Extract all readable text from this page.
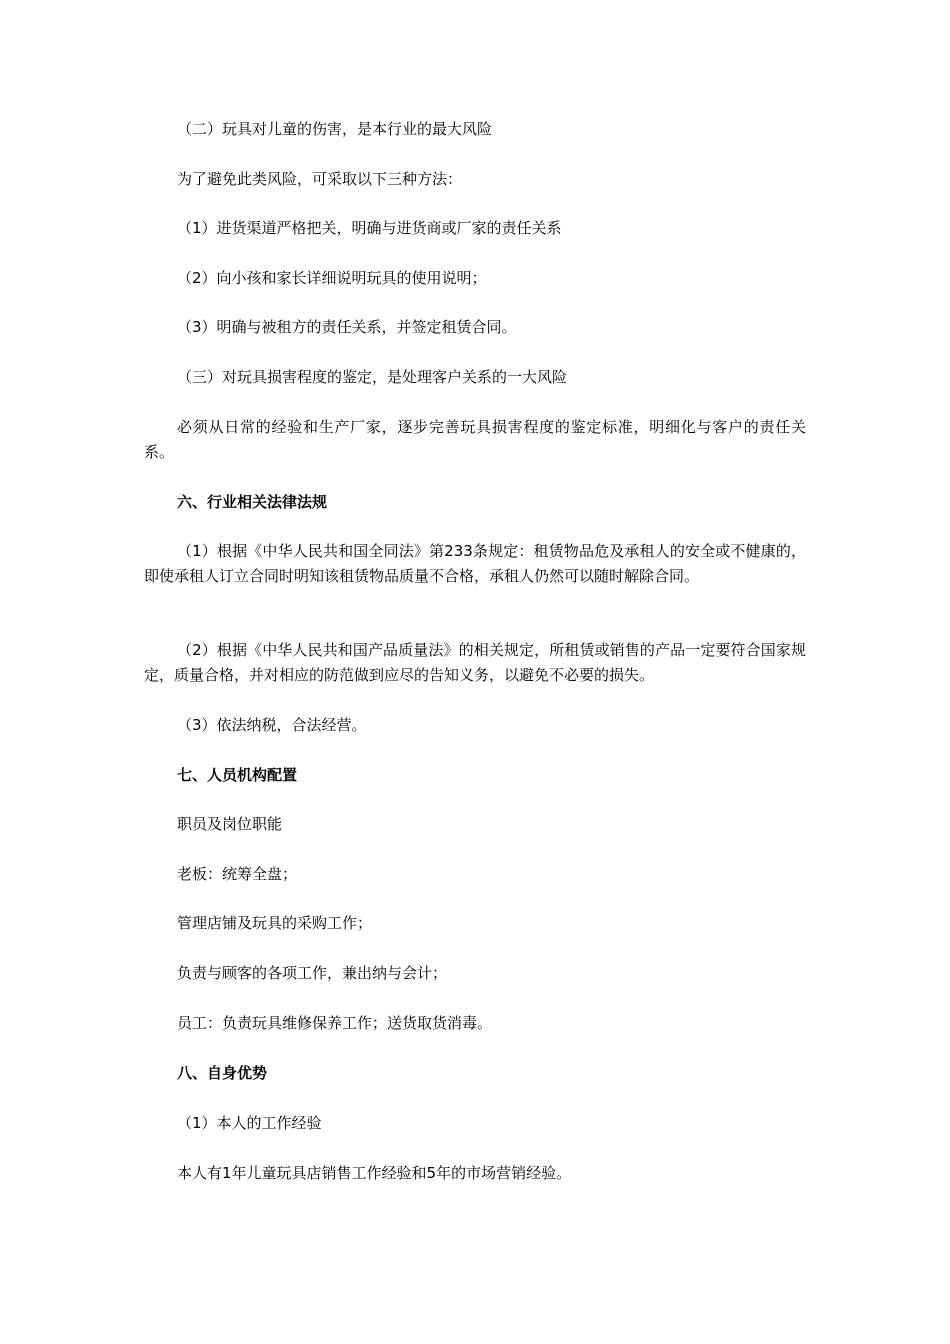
（二）玩具对儿童的伤害，是本行业的最大风险

为了避免此类风险，可采取以下三种方法：

（1）进货渠道严格把关，明确与进货商或厂家的责任关系

（2）向小孩和家长详细说明玩具的使用说明；

（3）明确与被租方的责任关系，并签定租赁合同。

（三）对玩具损害程度的鉴定，是处理客户关系的一大风险

必须从日常的经验和生产厂家，逐步完善玩具损害程度的鉴定标准，明细化与客户的责任关系。

六、行业相关法律法规

（1）根据《中华人民共和国全同法》第233条规定：租赁物品危及承租人的安全或不健康的，即使承租人订立合同时明知该租赁物品质量不合格，承租人仍然可以随时解除合同。

（2）根据《中华人民共和国产品质量法》的相关规定，所租赁或销售的产品一定要符合国家规定，质量合格，并对相应的防范做到应尽的告知义务，以避免不必要的损失。

（3）依法纳税，合法经营。

七、人员机构配置

职员及岗位职能

老板：统筹全盘；

管理店铺及玩具的采购工作；

负责与顾客的各项工作，兼出纳与会计；

员工：负责玩具维修保养工作；送货取货消毒。

八、自身优势

（1）本人的工作经验

本人有1年儿童玩具店销售工作经验和5年的市场营销经验。
